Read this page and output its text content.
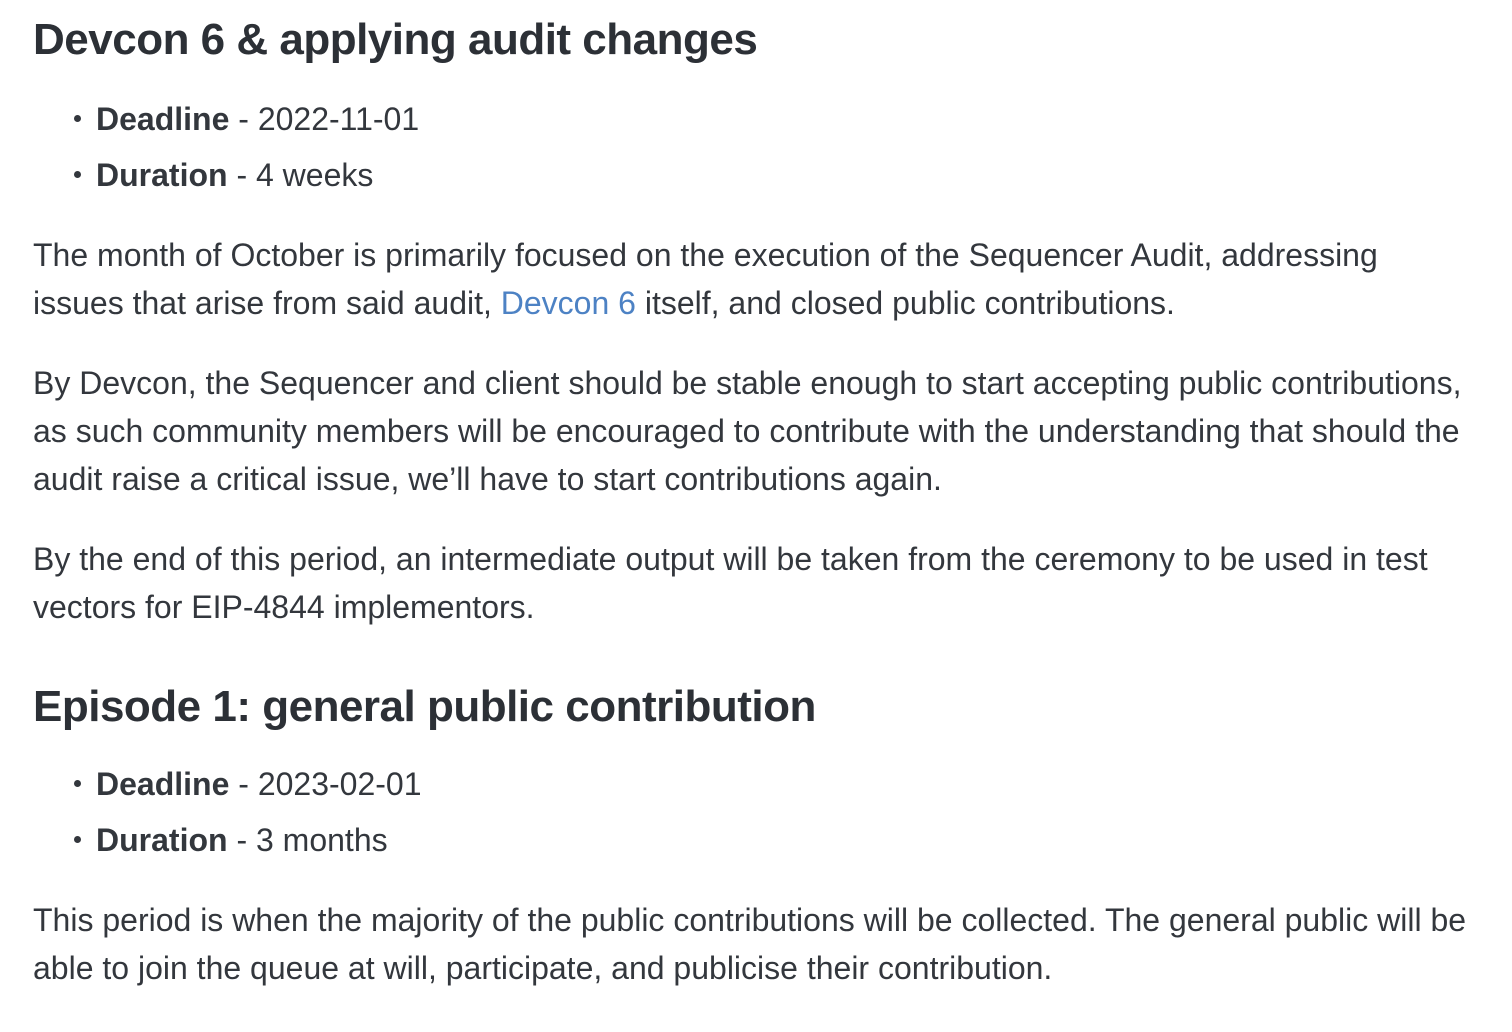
Devcon 6 & applying audit changes
Deadline - 2022-11-01
Duration - 4 weeks

The month of October is primarily focused on the execution of the Sequencer Audit, addressing issues that arise from said audit, Devcon 6 itself, and closed public contributions.

By Devcon, the Sequencer and client should be stable enough to start accepting public contributions, as such community members will be encouraged to contribute with the understanding that should the audit raise a critical issue, we’ll have to start contributions again.

By the end of this period, an intermediate output will be taken from the ceremony to be used in test vectors for EIP-4844 implementors.

Episode 1: general public contribution
Deadline - 2023-02-01
Duration - 3 months

This period is when the majority of the public contributions will be collected. The general public will be able to join the queue at will, participate, and publicise their contribution.
